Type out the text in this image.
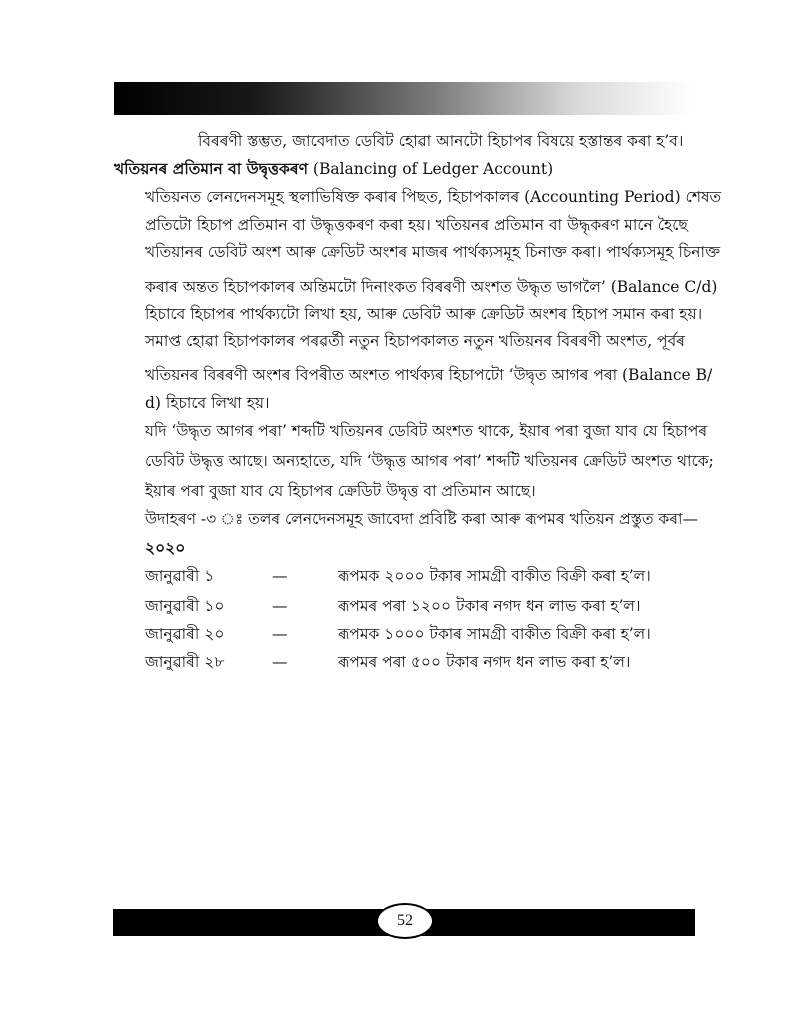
বিৰৰণী স্তম্ভত, জাবেদাত ডেবিট হোৱা আনটো হিচাপৰ বিষয়ে হস্তান্তৰ কৰা হ’ব।
খতিয়নৰ প্ৰতিমান বা উদ্বৃত্তকৰণ (Balancing of Ledger Account)
খতিয়নত লেনদেনসমূহ স্থলাভিষিক্ত কৰাৰ পিছত, হিচাপকালৰ (Accounting Period) শেষত
প্ৰতিটো হিচাপ প্ৰতিমান বা উদ্ধৃত্তকৰণ কৰা হয়। খতিয়নৰ প্ৰতিমান বা উদ্ধৃকৰণ মানে হৈছে
খতিয়ানৰ ডেবিট অংশ আৰু ক্ৰেডিট অংশৰ মাজৰ পাৰ্থক্যসমূহ চিনাক্ত কৰা। পাৰ্থক্যসমূহ চিনাক্ত
কৰাৰ অন্তত হিচাপকালৰ অন্তিমটো দিনাংকত বিৰৰণী অংশত উদ্ধৃত ভাগলৈ’ (Balance C/d)
হিচাবে হিচাপৰ পাৰ্থক্যটো লিখা হয়, আৰু ডেবিট আৰু ক্ৰেডিট অংশৰ হিচাপ সমান কৰা হয়।
সমাপ্ত হোৱা হিচাপকালৰ পৰৱৰ্তী নতুন হিচাপকালত নতুন খতিয়নৰ বিৰৰণী অংশত, পূৰ্বৰ
খতিয়নৰ বিৰৰণী অংশৰ বিপৰীত অংশত পাৰ্থক্যৰ হিচাপটো ‘উদ্বৃত আগৰ পৰা (Balance B/
d) হিচাবে লিখা হয়।
যদি ‘উদ্ধৃত আগৰ পৰা’ শব্দটি খতিয়নৰ ডেবিট অংশত থাকে, ইয়াৰ পৰা বুজা যাব যে হিচাপৰ
ডেবিট উদ্ধৃত্ত আছে। অন্যহাতে, যদি ‘উদ্ধৃত্ত আগৰ পৰা’ শব্দটি খতিয়নৰ ক্ৰেডিট অংশত থাকে;
ইয়াৰ পৰা বুজা যাব যে হিচাপৰ ক্ৰেডিট উদ্বৃত্ত বা প্ৰতিমান আছে।
উদাহৰণ -৩ ঃ তলৰ লেনদেনসমূহ জাবেদা প্ৰবিষ্টি কৰা আৰু ৰূপমৰ খতিয়ন প্ৰস্তুত কৰা—
২০২০
জানুৱাৰী ১	—	ৰূপমক ২০০০ টকাৰ সামগ্ৰী বাকীত বিক্ৰী কৰা হ’ল।
জানুৱাৰী ১০	—	ৰূপমৰ পৰা ১২০০ টকাৰ নগদ ধন লাভ কৰা হ’ল।
জানুৱাৰী ২০	—	ৰূপমক ১০০০ টকাৰ সামগ্ৰী বাকীত বিক্ৰী কৰা হ’ল।
জানুৱাৰী ২৮	—	ৰূপমৰ পৰা ৫০০ টকাৰ নগদ ধন লাভ কৰা হ’ল।
52
